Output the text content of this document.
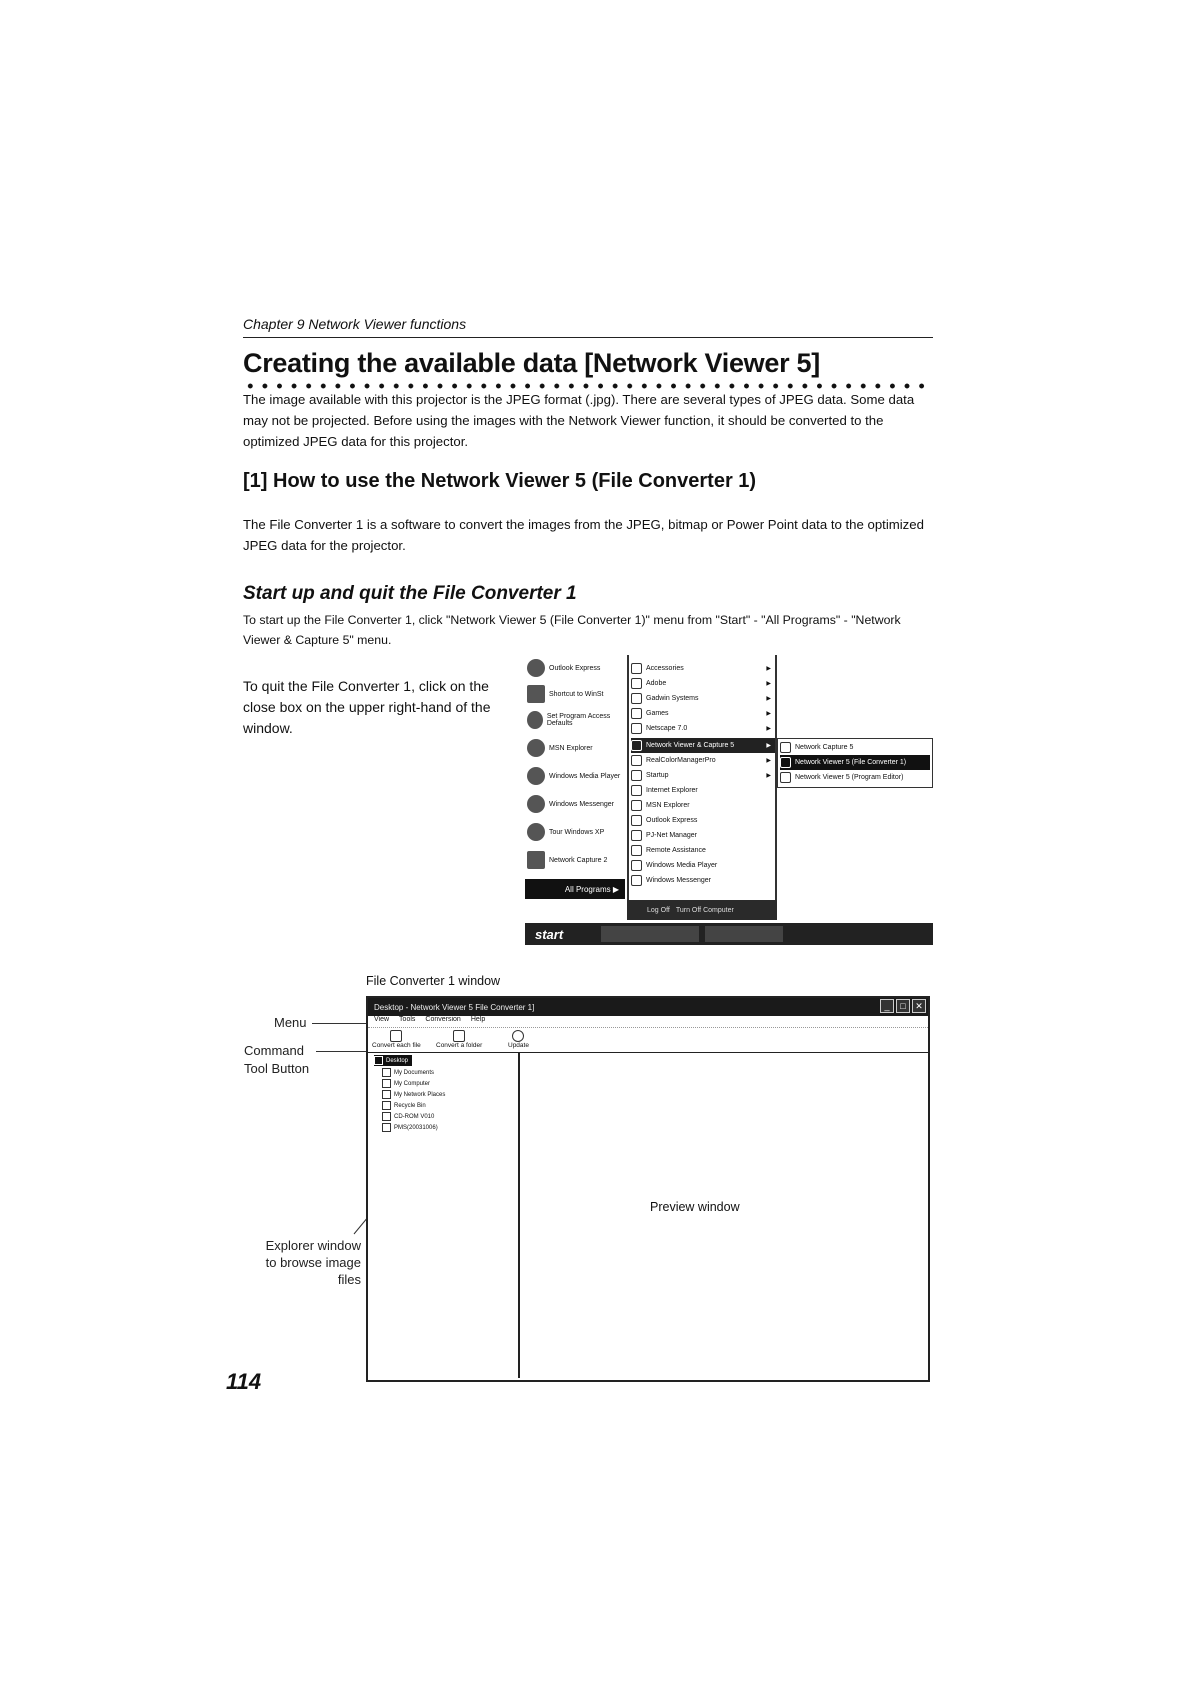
Chapter 9 Network Viewer functions
Creating the available data [Network Viewer 5]
The image available with this projector is the JPEG format (.jpg). There are several types of JPEG data. Some data may not be projected. Before using the images with the Network Viewer function, it should be converted to the optimized JPEG data for this projector.
[1] How to use the Network Viewer 5 (File Converter 1)
The File Converter 1 is a software to convert the images from the JPEG, bitmap or Power Point data to the optimized JPEG data for the projector.
Start up and quit the File Converter 1
To start up the File Converter 1, click "Network Viewer 5 (File Converter 1)" menu from "Start" - "All Programs" - "Network Viewer & Capture 5" menu.
To quit the File Converter 1, click on the close box on the upper right-hand of the window.
Outlook Express
Shortcut to WinSt
Set Program Access Defaults
MSN Explorer
Windows Media Player
Windows Messenger
Tour Windows XP
Network Capture 2
All Programs ▶
Accessories	▶
Adobe	▶
Gadwin Systems	▶
Games	▶
Netscape 7.0	▶
Network Viewer & Capture 5	▶
RealColorManagerPro	▶
Startup	▶
Internet Explorer
MSN Explorer
Outlook Express
PJ-Net Manager
Remote Assistance
Windows Media Player
Windows Messenger
Network Capture 5
Network Viewer 5 (File Converter 1)
Network Viewer 5 (Program Editor)
Log Off Turn Off Computer
start
File Converter 1 window
Menu
Command
Tool Button
Explorer window
to browse image
files
Desktop - Network Viewer 5 File Converter 1]	_	□	✕
View Tools Conversion Help
Convert each file Convert a folder	Update
Desktop
My Documents
My Computer
My Network Places
Recycle Bin
CD-ROM V010
PMS(20031006)
Preview window
114
